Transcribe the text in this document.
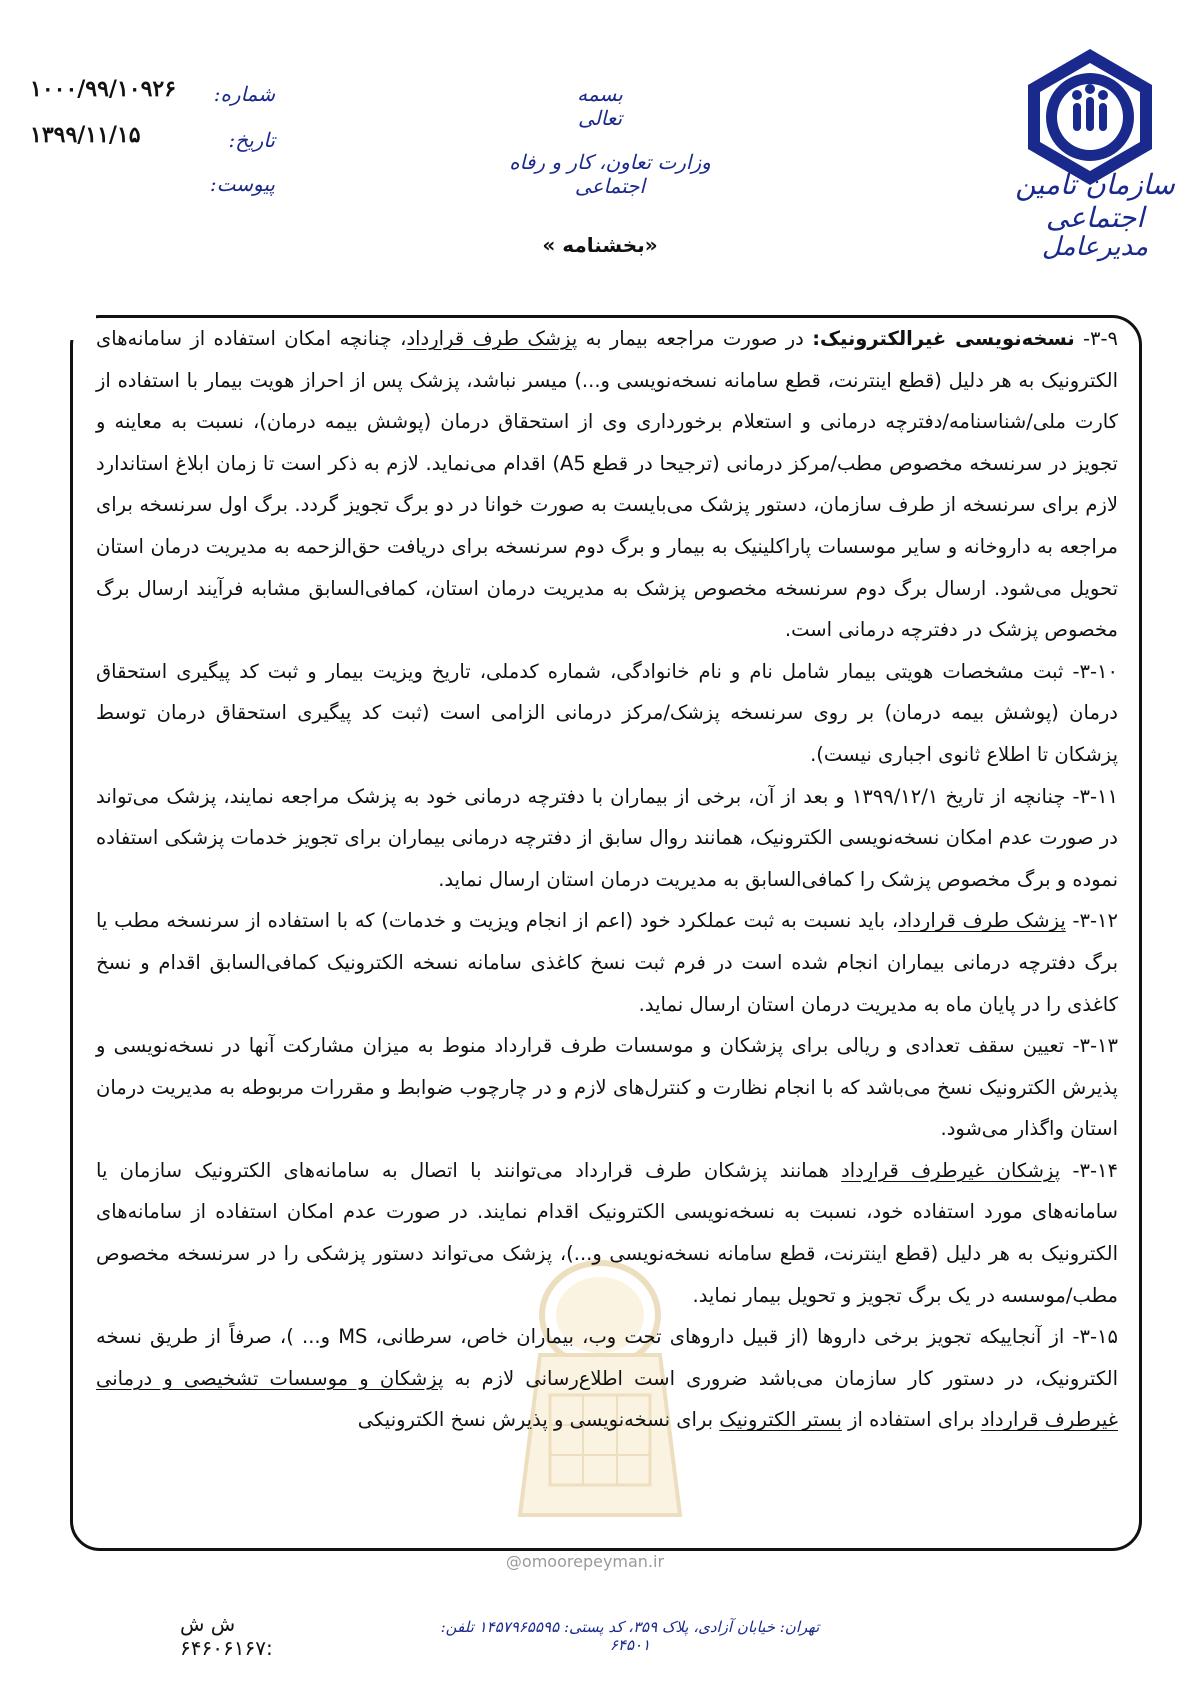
سازمان تأمین اجتماعی
مدیرعامل
بسمه تعالی
وزارت تعاون، کار و رفاه اجتماعی
«بخشنامه »
شماره:
۱۰۰۰/۹۹/۱۰۹۲۶
تاریخ:
۱۳۹۹/۱۱/۱۵
پیوست:
@omoorepeyman.ir

۳-۹- نسخه‌نویسی غیرالکترونیک: در صورت مراجعه بیمار به پزشک طرف قرارداد، چنانچه امکان استفاده از سامانه‌های الکترونیک به هر دلیل (قطع اینترنت، قطع سامانه نسخه‌نویسی و...) میسر نباشد، پزشک پس از احراز هویت بیمار با استفاده از کارت ملی/شناسنامه/دفترچه درمانی و استعلام برخورداری وی از استحقاق درمان (پوشش بیمه درمان)، نسبت به معاینه و تجویز در سرنسخه مخصوص مطب/مرکز درمانی (ترجیحا در قطع A5) اقدام می‌نماید. لازم به ذکر است تا زمان ابلاغ استاندارد لازم برای سرنسخه از طرف سازمان، دستور پزشک می‌بایست به صورت خوانا در دو برگ تجویز گردد. برگ اول سرنسخه برای مراجعه به داروخانه و سایر موسسات پاراکلینیک به بیمار و برگ دوم سرنسخه برای دریافت حق‌الزحمه به مدیریت درمان استان تحویل می‌شود. ارسال برگ دوم سرنسخه مخصوص پزشک به مدیریت درمان استان، کمافی‌السابق مشابه فرآیند ارسال برگ مخصوص پزشک در دفترچه درمانی است.

۳-۱۰- ثبت مشخصات هویتی بیمار شامل نام و نام خانوادگی، شماره کدملی، تاریخ ویزیت بیمار و ثبت کد پیگیری استحقاق درمان (پوشش بیمه درمان) بر روی سرنسخه پزشک/مرکز درمانی الزامی است (ثبت کد پیگیری استحقاق درمان توسط پزشکان تا اطلاع ثانوی اجباری نیست).

۳-۱۱- چنانچه از تاریخ ۱۳۹۹/۱۲/۱ و بعد از آن، برخی از بیماران با دفترچه درمانی خود به پزشک مراجعه نمایند، پزشک می‌تواند در صورت عدم امکان نسخه‌نویسی الکترونیک، همانند روال سابق از دفترچه درمانی بیماران برای تجویز خدمات پزشکی استفاده نموده و برگ مخصوص پزشک را کمافی‌السابق به مدیریت درمان استان ارسال نماید.

۳-۱۲- پزشک طرف قرارداد، باید نسبت به ثبت عملکرد خود (اعم از انجام ویزیت و خدمات) که با استفاده از سرنسخه مطب یا برگ دفترچه درمانی بیماران انجام شده است در فرم ثبت نسخ کاغذی سامانه نسخه الکترونیک کمافی‌السابق اقدام و نسخ کاغذی را در پایان ماه به مدیریت درمان استان ارسال نماید.

۳-۱۳- تعیین سقف تعدادی و ریالی برای پزشکان و موسسات طرف قرارداد منوط به میزان مشارکت آنها در نسخه‌نویسی و پذیرش الکترونیک نسخ می‌باشد که با انجام نظارت و کنترل‌های لازم و در چارچوب ضوابط و مقررات مربوطه به مدیریت درمان استان واگذار می‌شود.

۳-۱۴- پزشکان غیرطرف قرارداد همانند پزشکان طرف قرارداد می‌توانند با اتصال به سامانه‌های الکترونیک سازمان یا سامانه‌های مورد استفاده خود، نسبت به نسخه‌نویسی الکترونیک اقدام نمایند. در صورت عدم امکان استفاده از سامانه‌های الکترونیک به هر دلیل (قطع اینترنت، قطع سامانه نسخه‌نویسی و...)، پزشک می‌تواند دستور پزشکی را در سرنسخه مخصوص مطب/موسسه در یک برگ تجویز و تحویل بیمار نماید.

۳-۱۵- از آنجاییکه تجویز برخی داروها (از قبیل داروهای تحت وب، بیماران خاص، سرطانی، MS و... )، صرفاً از طریق نسخه الکترونیک، در دستور کار سازمان می‌باشد ضروری است اطلاع‌رسانی لازم به پزشکان و موسسات تشخیصی و درمانی غیرطرف قرارداد برای استفاده از بستر الکترونیک برای نسخه‌نویسی و پذیرش نسخ الکترونیکی

ش ش :۶۴۶۰۶۱۶۷
تهران: خیابان آزادی، پلاک ۳۵۹، کد پستی: ۱۴۵۷۹۶۵۵۹۵ تلفن: ۶۴۵۰۱
